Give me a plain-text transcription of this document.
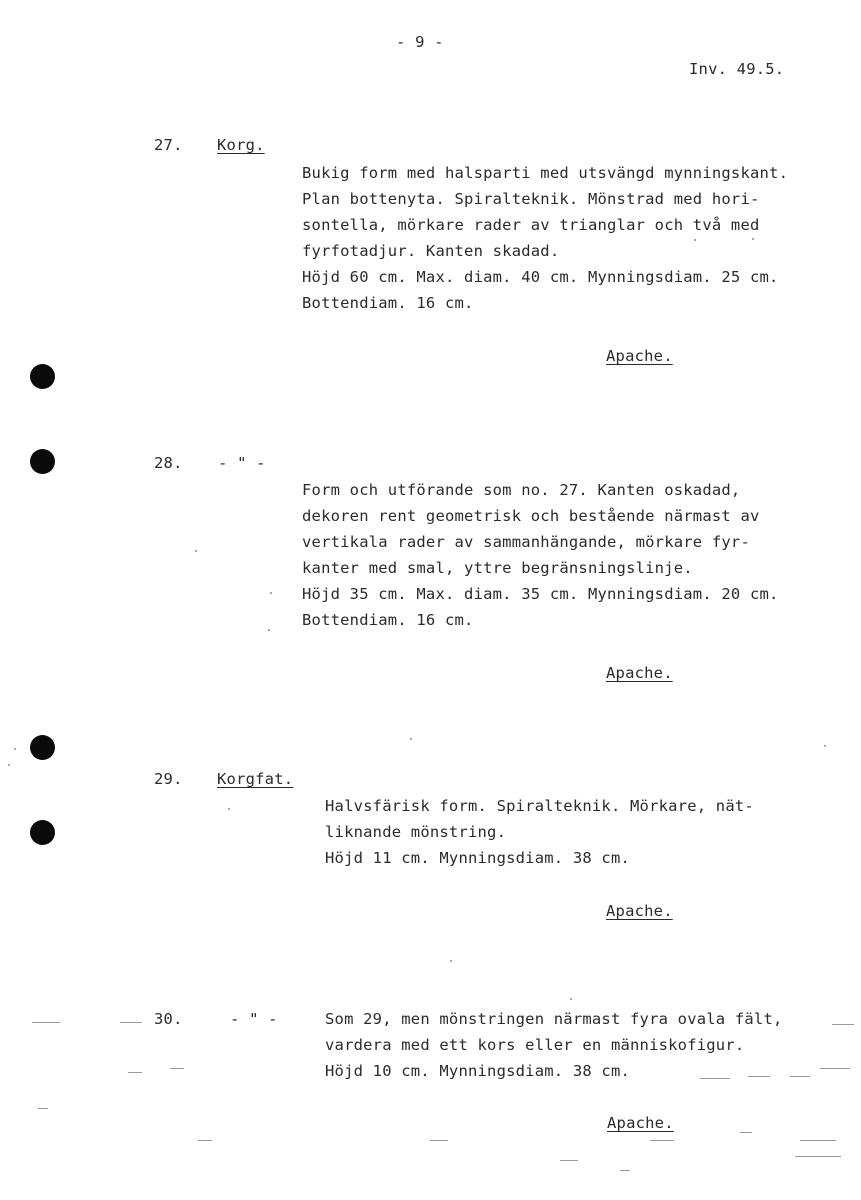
- 9 -
Inv. 49.5.
27. Korg.
Bukig form med halsparti med utsvängd mynningskant.
Plan bottenyta. Spiralteknik. Mönstrad med hori-
sontella, mörkare rader av trianglar och två med
fyrfotadjur. Kanten skadad.
Höjd 60 cm. Max. diam. 40 cm. Mynningsdiam. 25 cm.
Bottendiam. 16 cm.
Apache.
28. - " -
Form och utförande som no. 27. Kanten oskadad,
dekoren rent geometrisk och bestående närmast av
vertikala rader av sammanhängande, mörkare fyr-
kanter med smal, yttre begränsningslinje.
Höjd 35 cm. Max. diam. 35 cm. Mynningsdiam. 20 cm.
Bottendiam. 16 cm.
Apache.
29. Korgfat.
Halvsfärisk form. Spiralteknik. Mörkare, nät-
liknande mönstring.
Höjd 11 cm. Mynningsdiam. 38 cm.
Apache.
30.	- " -	Som 29, men mönstringen närmast fyra ovala fält,
vardera med ett kors eller en människofigur.
Höjd 10 cm. Mynningsdiam. 38 cm.
Apache.
